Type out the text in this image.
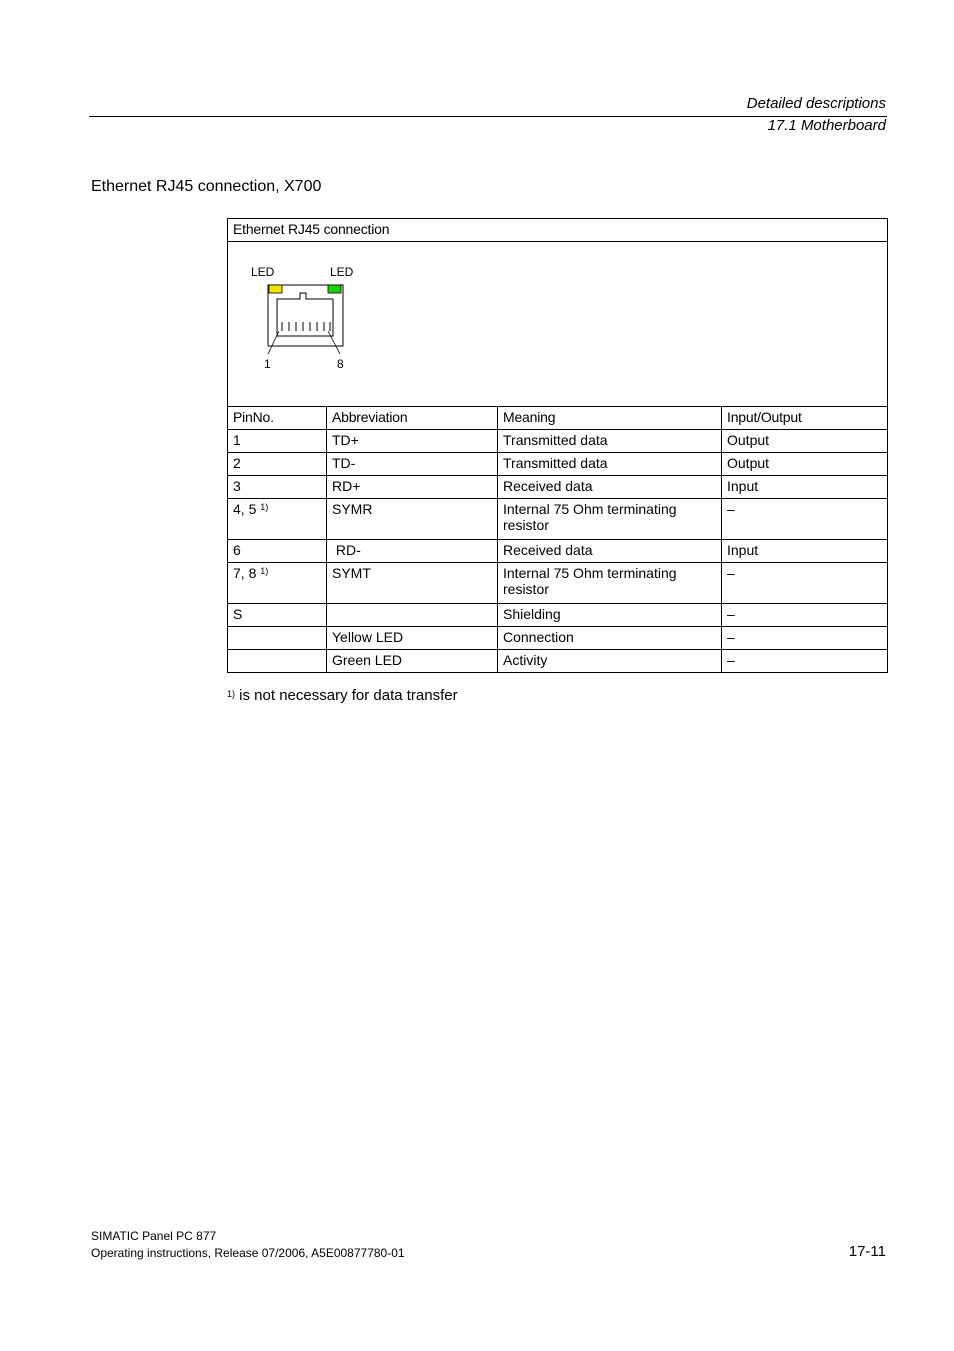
Detailed descriptions
17.1 Motherboard
Ethernet RJ45 connection, X700
Ethernet RJ45 connection			

LED LED
1 8			

PinNo.	Abbreviation	Meaning	Input/Output
1	TD+	Transmitted data	Output
2	TD-	Transmitted data	Output
3	RD+	Received data	Input
4, 5 $^{1)}$	SYMR	Internal 75 Ohm terminating resistor	–
6	RD-	Received data	Input
7, 8 $^{1)}$	SYMT	Internal 75 Ohm terminating resistor	–
S		Shielding	–
	Yellow LED	Connection	–
	Green LED	Activity	–
$^{1)}$ is not necessary for data transfer
SIMATIC Panel PC 877
Operating instructions, Release 07/2006, A5E00877780-01	17-11
